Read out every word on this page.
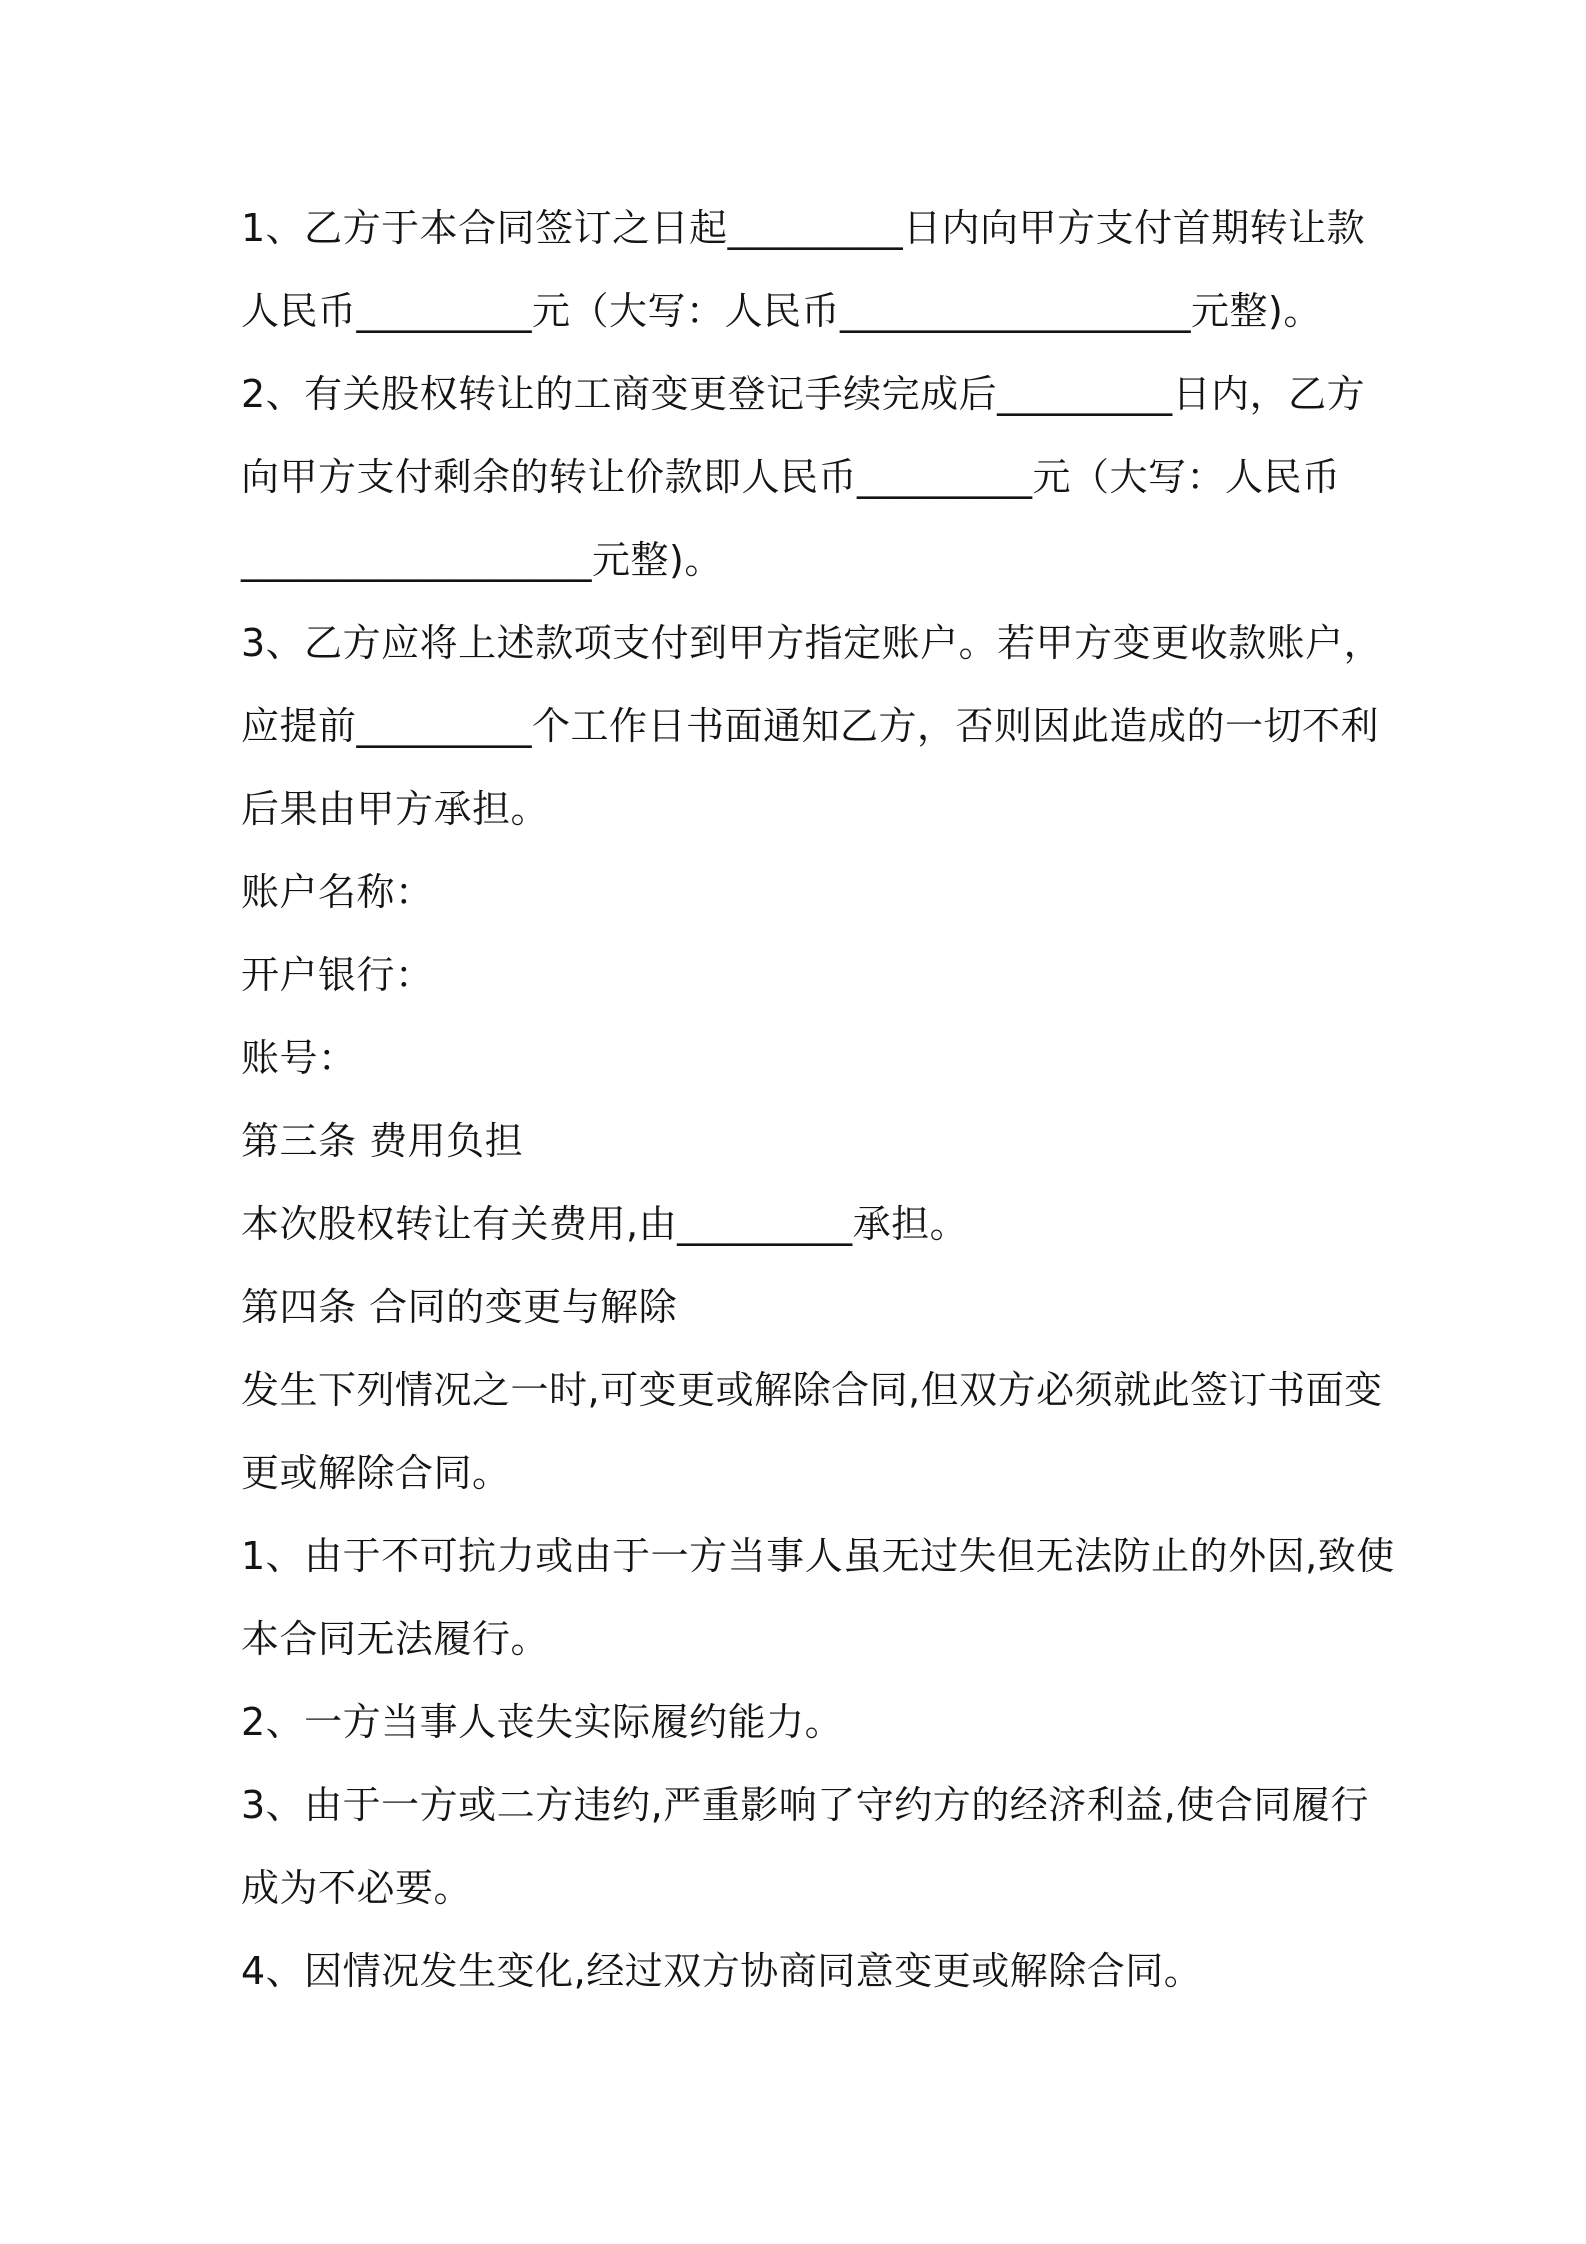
1、乙方于本合同签订之日起_________日内向甲方支付首期转让款
人民币_________元（大写：人民币__________________元整)。
2、有关股权转让的工商变更登记手续完成后_________日内，乙方
向甲方支付剩余的转让价款即人民币_________元（大写：人民币
__________________元整)。
3、乙方应将上述款项支付到甲方指定账户。若甲方变更收款账户，
应提前_________个工作日书面通知乙方，否则因此造成的一切不利
后果由甲方承担。
账户名称：
开户银行：
账号：
第三条 费用负担
本次股权转让有关费用,由_________承担。
第四条 合同的变更与解除
发生下列情况之一时,可变更或解除合同,但双方必须就此签订书面变
更或解除合同。
1、由于不可抗力或由于一方当事人虽无过失但无法防止的外因,致使
本合同无法履行。
2、一方当事人丧失实际履约能力。
3、由于一方或二方违约,严重影响了守约方的经济利益,使合同履行
成为不必要。
4、因情况发生变化,经过双方协商同意变更或解除合同。
